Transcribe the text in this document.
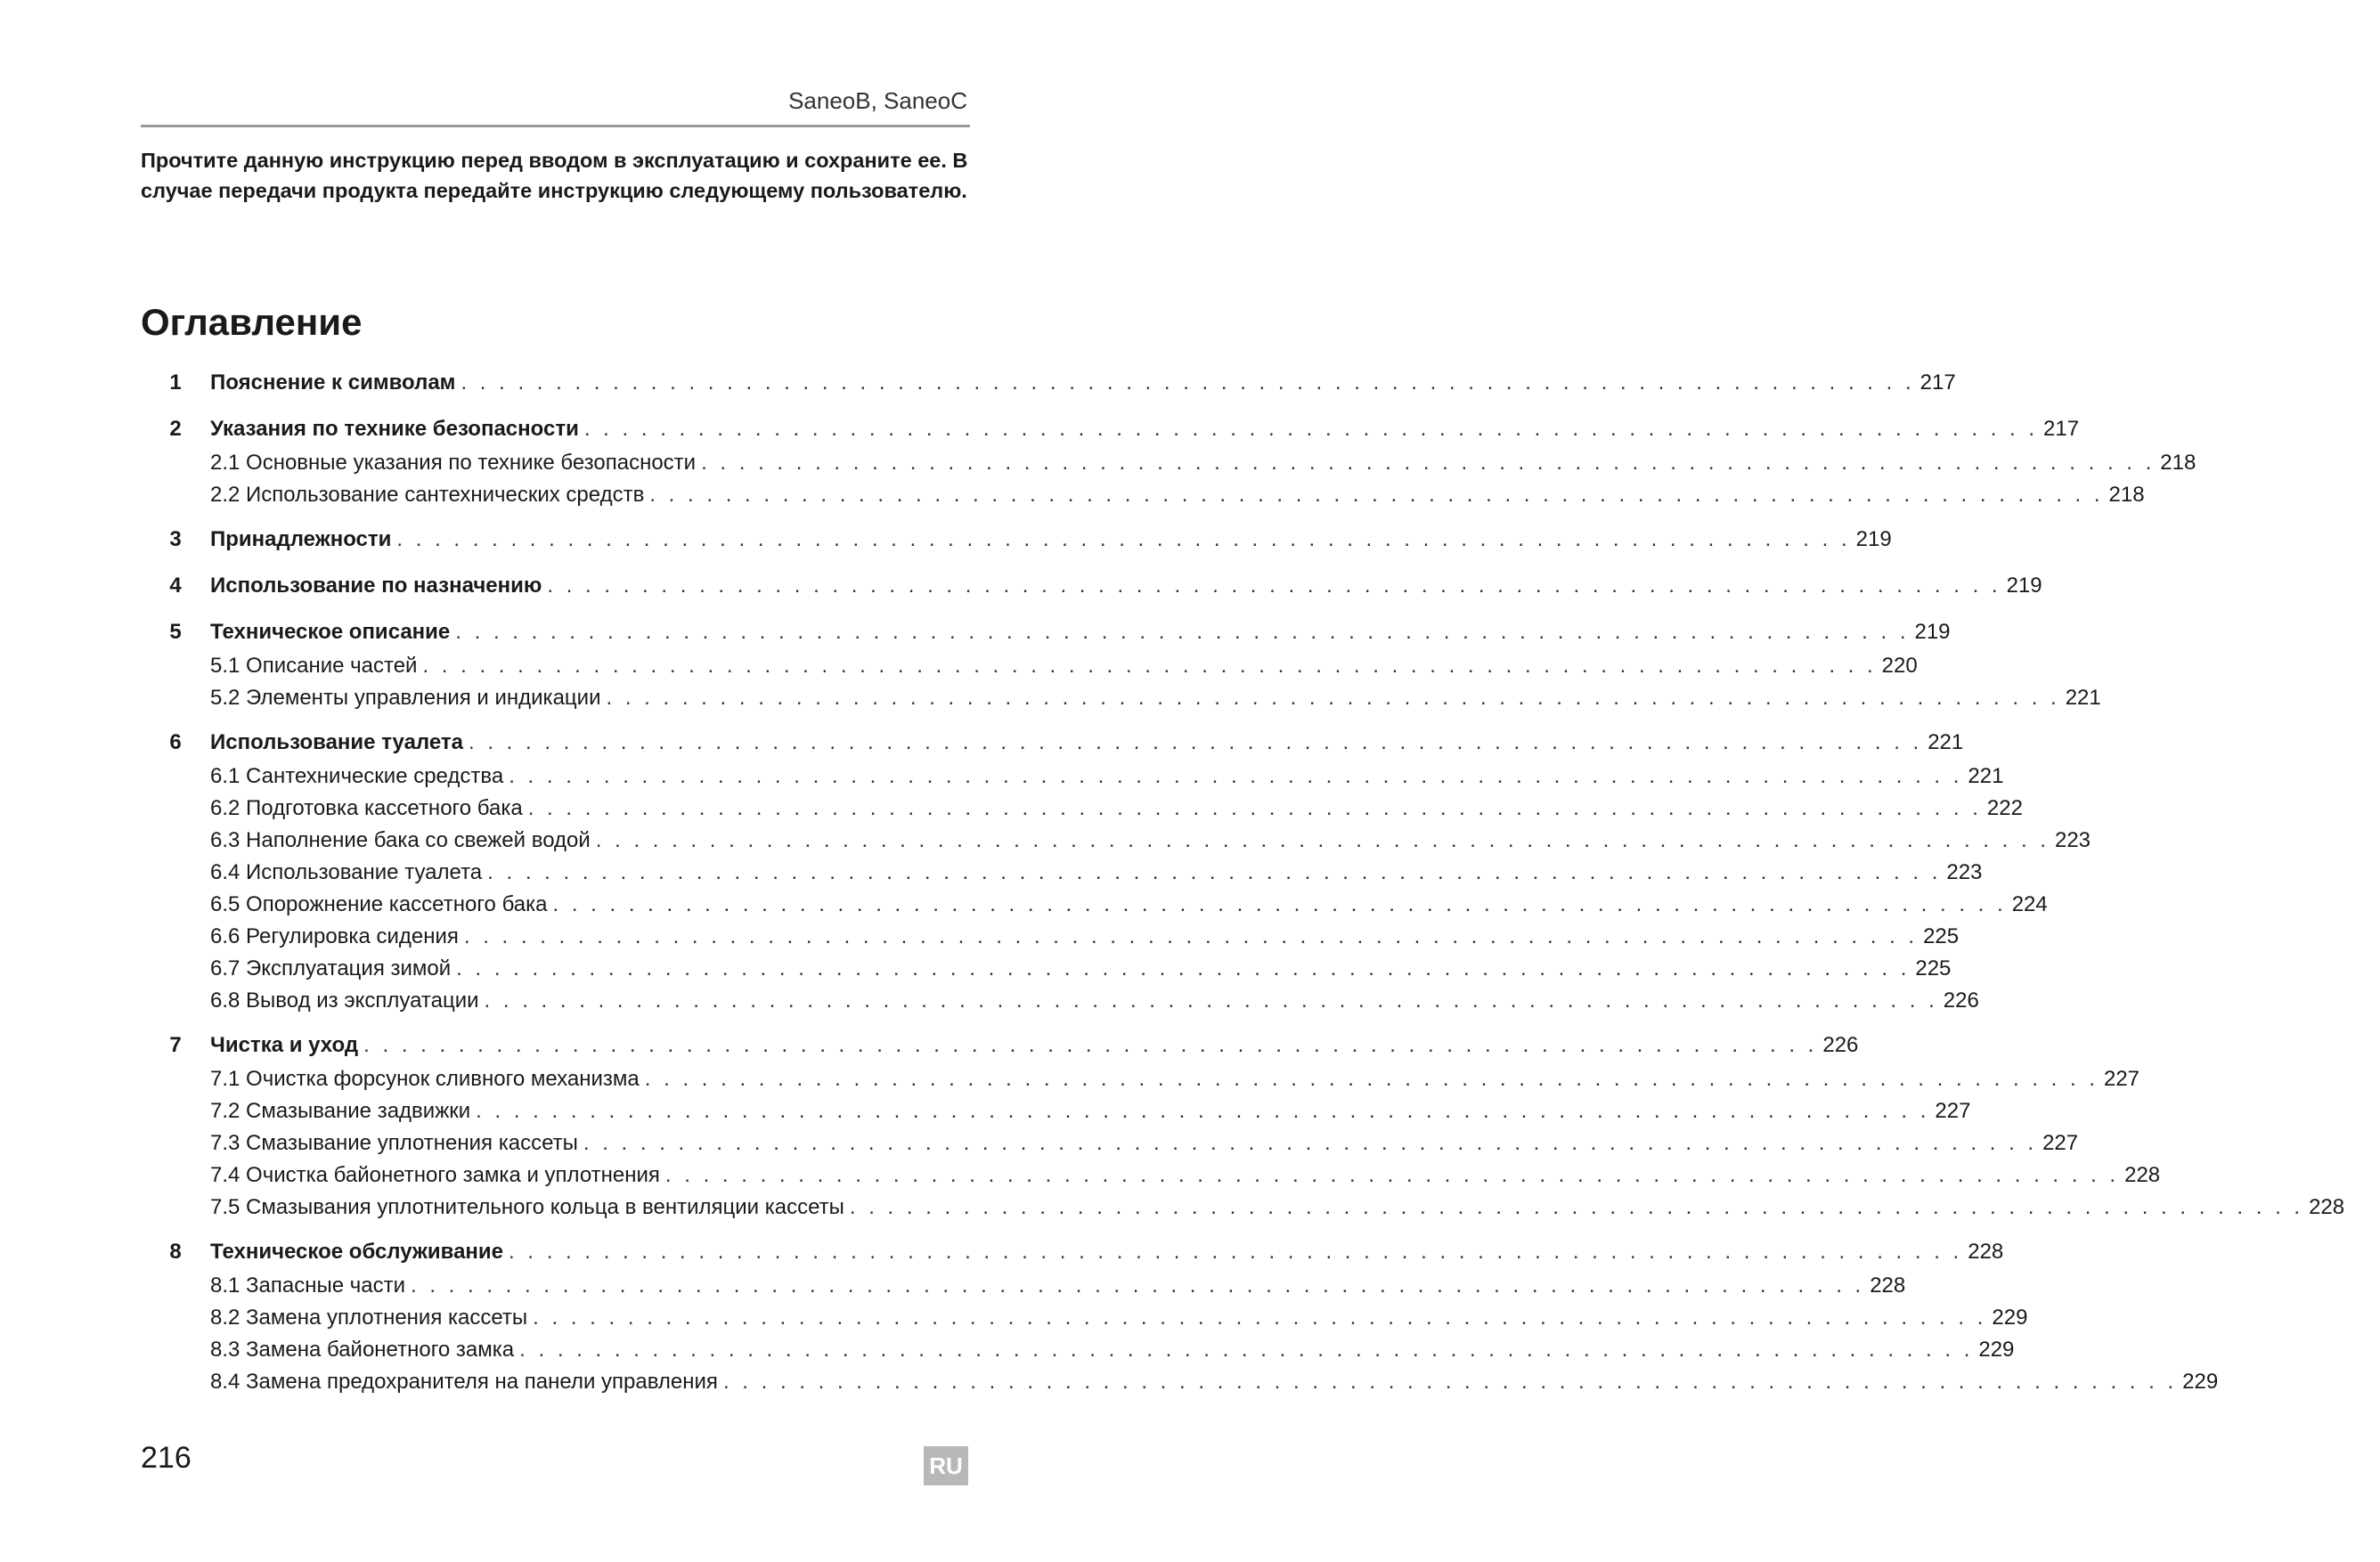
SaneoB, SaneoC
Прочтите данную инструкцию перед вводом в эксплуатацию и сохраните ее. В случае передачи продукта передайте инструкцию следующему пользователю.
Оглавление
1	Пояснение к символам . . . . . . . . . . . . . . . . . . . . . . . . . . . . . . . . . . . . . . . . . . . . . . . . . . . . . . . . . . . . . . . . . . . . . . . . . . . . . 217
2	Указания по технике безопасности . . . . . . . . . . . . . . . . . . . . . . . . . . . . . . . . . . . . . . . . . . . . . . . . . . . . . . . . . . . . . . . . . . . . . . . . . . . . . 217
2.1 Основные указания по технике безопасности . . . . . . . . . . . . . . . . . . . . . . . . . . . . . . . . . . . . . . . . . . . . . . . . . . . . . . . . . . . . . . . . . . . . . . . . . . . . . 218
2.2 Использование сантехнических средств . . . . . . . . . . . . . . . . . . . . . . . . . . . . . . . . . . . . . . . . . . . . . . . . . . . . . . . . . . . . . . . . . . . . . . . . . . . . . 218
3	Принадлежности . . . . . . . . . . . . . . . . . . . . . . . . . . . . . . . . . . . . . . . . . . . . . . . . . . . . . . . . . . . . . . . . . . . . . . . . . . . . . 219
4	Использование по назначению . . . . . . . . . . . . . . . . . . . . . . . . . . . . . . . . . . . . . . . . . . . . . . . . . . . . . . . . . . . . . . . . . . . . . . . . . . . . . 219
5	Техническое описание . . . . . . . . . . . . . . . . . . . . . . . . . . . . . . . . . . . . . . . . . . . . . . . . . . . . . . . . . . . . . . . . . . . . . . . . . . . . . 219
5.1 Описание частей . . . . . . . . . . . . . . . . . . . . . . . . . . . . . . . . . . . . . . . . . . . . . . . . . . . . . . . . . . . . . . . . . . . . . . . . . . . . . 220
5.2 Элементы управления и индикации . . . . . . . . . . . . . . . . . . . . . . . . . . . . . . . . . . . . . . . . . . . . . . . . . . . . . . . . . . . . . . . . . . . . . . . . . . . . . 221
6	Использование туалета . . . . . . . . . . . . . . . . . . . . . . . . . . . . . . . . . . . . . . . . . . . . . . . . . . . . . . . . . . . . . . . . . . . . . . . . . . . . . 221
6.1 Сантехнические средства . . . . . . . . . . . . . . . . . . . . . . . . . . . . . . . . . . . . . . . . . . . . . . . . . . . . . . . . . . . . . . . . . . . . . . . . . . . . . 221
6.2 Подготовка кассетного бака . . . . . . . . . . . . . . . . . . . . . . . . . . . . . . . . . . . . . . . . . . . . . . . . . . . . . . . . . . . . . . . . . . . . . . . . . . . . . 222
6.3 Наполнение бака со свежей водой . . . . . . . . . . . . . . . . . . . . . . . . . . . . . . . . . . . . . . . . . . . . . . . . . . . . . . . . . . . . . . . . . . . . . . . . . . . . . 223
6.4 Использование туалета . . . . . . . . . . . . . . . . . . . . . . . . . . . . . . . . . . . . . . . . . . . . . . . . . . . . . . . . . . . . . . . . . . . . . . . . . . . . . 223
6.5 Опорожнение кассетного бака . . . . . . . . . . . . . . . . . . . . . . . . . . . . . . . . . . . . . . . . . . . . . . . . . . . . . . . . . . . . . . . . . . . . . . . . . . . . . 224
6.6 Регулировка сидения . . . . . . . . . . . . . . . . . . . . . . . . . . . . . . . . . . . . . . . . . . . . . . . . . . . . . . . . . . . . . . . . . . . . . . . . . . . . . 225
6.7 Эксплуатация зимой . . . . . . . . . . . . . . . . . . . . . . . . . . . . . . . . . . . . . . . . . . . . . . . . . . . . . . . . . . . . . . . . . . . . . . . . . . . . . 225
6.8 Вывод из эксплуатации . . . . . . . . . . . . . . . . . . . . . . . . . . . . . . . . . . . . . . . . . . . . . . . . . . . . . . . . . . . . . . . . . . . . . . . . . . . . . 226
7	Чистка и уход . . . . . . . . . . . . . . . . . . . . . . . . . . . . . . . . . . . . . . . . . . . . . . . . . . . . . . . . . . . . . . . . . . . . . . . . . . . . . 226
7.1 Очистка форсунок сливного механизма . . . . . . . . . . . . . . . . . . . . . . . . . . . . . . . . . . . . . . . . . . . . . . . . . . . . . . . . . . . . . . . . . . . . . . . . . . . . . 227
7.2 Смазывание задвижки . . . . . . . . . . . . . . . . . . . . . . . . . . . . . . . . . . . . . . . . . . . . . . . . . . . . . . . . . . . . . . . . . . . . . . . . . . . . . 227
7.3 Смазывание уплотнения кассеты . . . . . . . . . . . . . . . . . . . . . . . . . . . . . . . . . . . . . . . . . . . . . . . . . . . . . . . . . . . . . . . . . . . . . . . . . . . . . 227
7.4 Очистка байонетного замка и уплотнения . . . . . . . . . . . . . . . . . . . . . . . . . . . . . . . . . . . . . . . . . . . . . . . . . . . . . . . . . . . . . . . . . . . . . . . . . . . . . 228
7.5 Смазывания уплотнительного кольца в вентиляции кассеты . . . . . . . . . . . . . . . . . . . . . . . . . . . . . . . . . . . . . . . . . . . . . . . . . . . . . . . . . . . . . . . . . . . . . . . . . . . . . 228
8	Техническое обслуживание . . . . . . . . . . . . . . . . . . . . . . . . . . . . . . . . . . . . . . . . . . . . . . . . . . . . . . . . . . . . . . . . . . . . . . . . . . . . . 228
8.1 Запасные части . . . . . . . . . . . . . . . . . . . . . . . . . . . . . . . . . . . . . . . . . . . . . . . . . . . . . . . . . . . . . . . . . . . . . . . . . . . . . 228
8.2 Замена уплотнения кассеты . . . . . . . . . . . . . . . . . . . . . . . . . . . . . . . . . . . . . . . . . . . . . . . . . . . . . . . . . . . . . . . . . . . . . . . . . . . . . 229
8.3 Замена байонетного замка . . . . . . . . . . . . . . . . . . . . . . . . . . . . . . . . . . . . . . . . . . . . . . . . . . . . . . . . . . . . . . . . . . . . . . . . . . . . . 229
8.4 Замена предохранителя на панели управления . . . . . . . . . . . . . . . . . . . . . . . . . . . . . . . . . . . . . . . . . . . . . . . . . . . . . . . . . . . . . . . . . . . . . . . . . . . . . 229
216	RU
